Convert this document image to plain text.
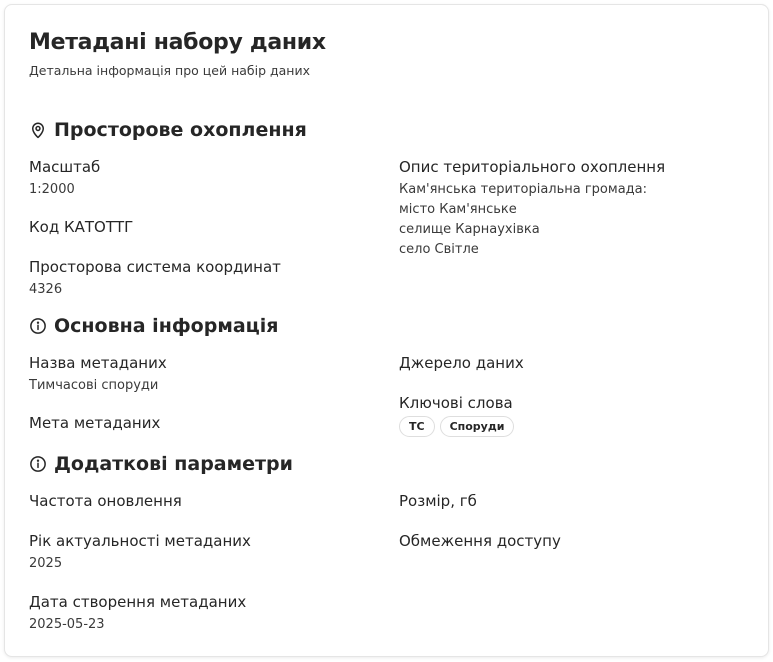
Метадані набору даних
Детальна інформація про цей набір даних
Просторове охоплення
Масштаб
1:2000
Код КАТОТТГ
Просторова система координат
4326
Опис територіального охоплення
Кам'янська територіальна громада:
місто Кам'янське
селище Карнаухівка
село Світле
Основна інформація
Назва метаданих
Тимчасові споруди
Мета метаданих
Джерело даних
Ключові слова
ТС	Споруди
Додаткові параметри
Частота оновлення
Рік актуальності метаданих
2025
Дата створення метаданих
2025-05-23
Розмір, гб
Обмеження доступу
